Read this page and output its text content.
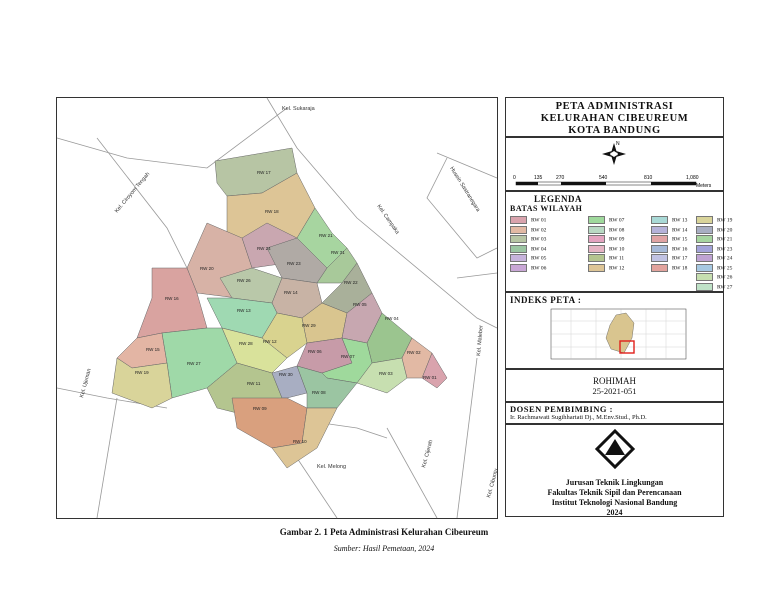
RW 17
RW 18
RW 21
RW 24
RW 20
RW 23
RW 31
RW 22
RW 26
RW 16
RW 14
RW 13
RW 29
RW 05
RW 04
RW 12
RW 28
RW 15
RW 27
RW 06
RW 07
RW 03
RW 02
RW 01
RW 19
RW 11
RW 30
RW 08
RW 09
RW 10
Kel. Sukaraja
Kel. Ciroyom Tengah
Kel. Campaka
Husein Sastranegara
Kel. Maleber
Kel. Ujeman
Kel. Melong	Kel. Cijerah
Kel. Cibuntu
PETA ADMINISTRASI
KELURAHAN CIBEUREUM
KOTA BANDUNG
N
0	135	270	540	810	1,080
Meters
LEGENDA
BATAS WILAYAH
RW 01
RW 02
RW 03
RW 04
RW 05
RW 06
RW 07
RW 08
RW 09
RW 10
RW 11
RW 12
RW 13
RW 14
RW 15
RW 16
RW 17
RW 18
RW 19
RW 20
RW 21
RW 23
RW 24
RW 25
RW 26
RW 27
INDEKS PETA :
ROHIMAH
25-2021-051
DOSEN PEMBIMBING :
Ir. Rachmawati Sugihhartati Dj., M.Env.Stud., Ph.D.
Jurusan Teknik Lingkungan
Fakultas Teknik Sipil dan Perencanaan
Institut Teknologi Nasional Bandung
2024
Gambar 2. 1 Peta Administrasi Kelurahan Cibeureum
Sumber: Hasil Pemetaan, 2024
